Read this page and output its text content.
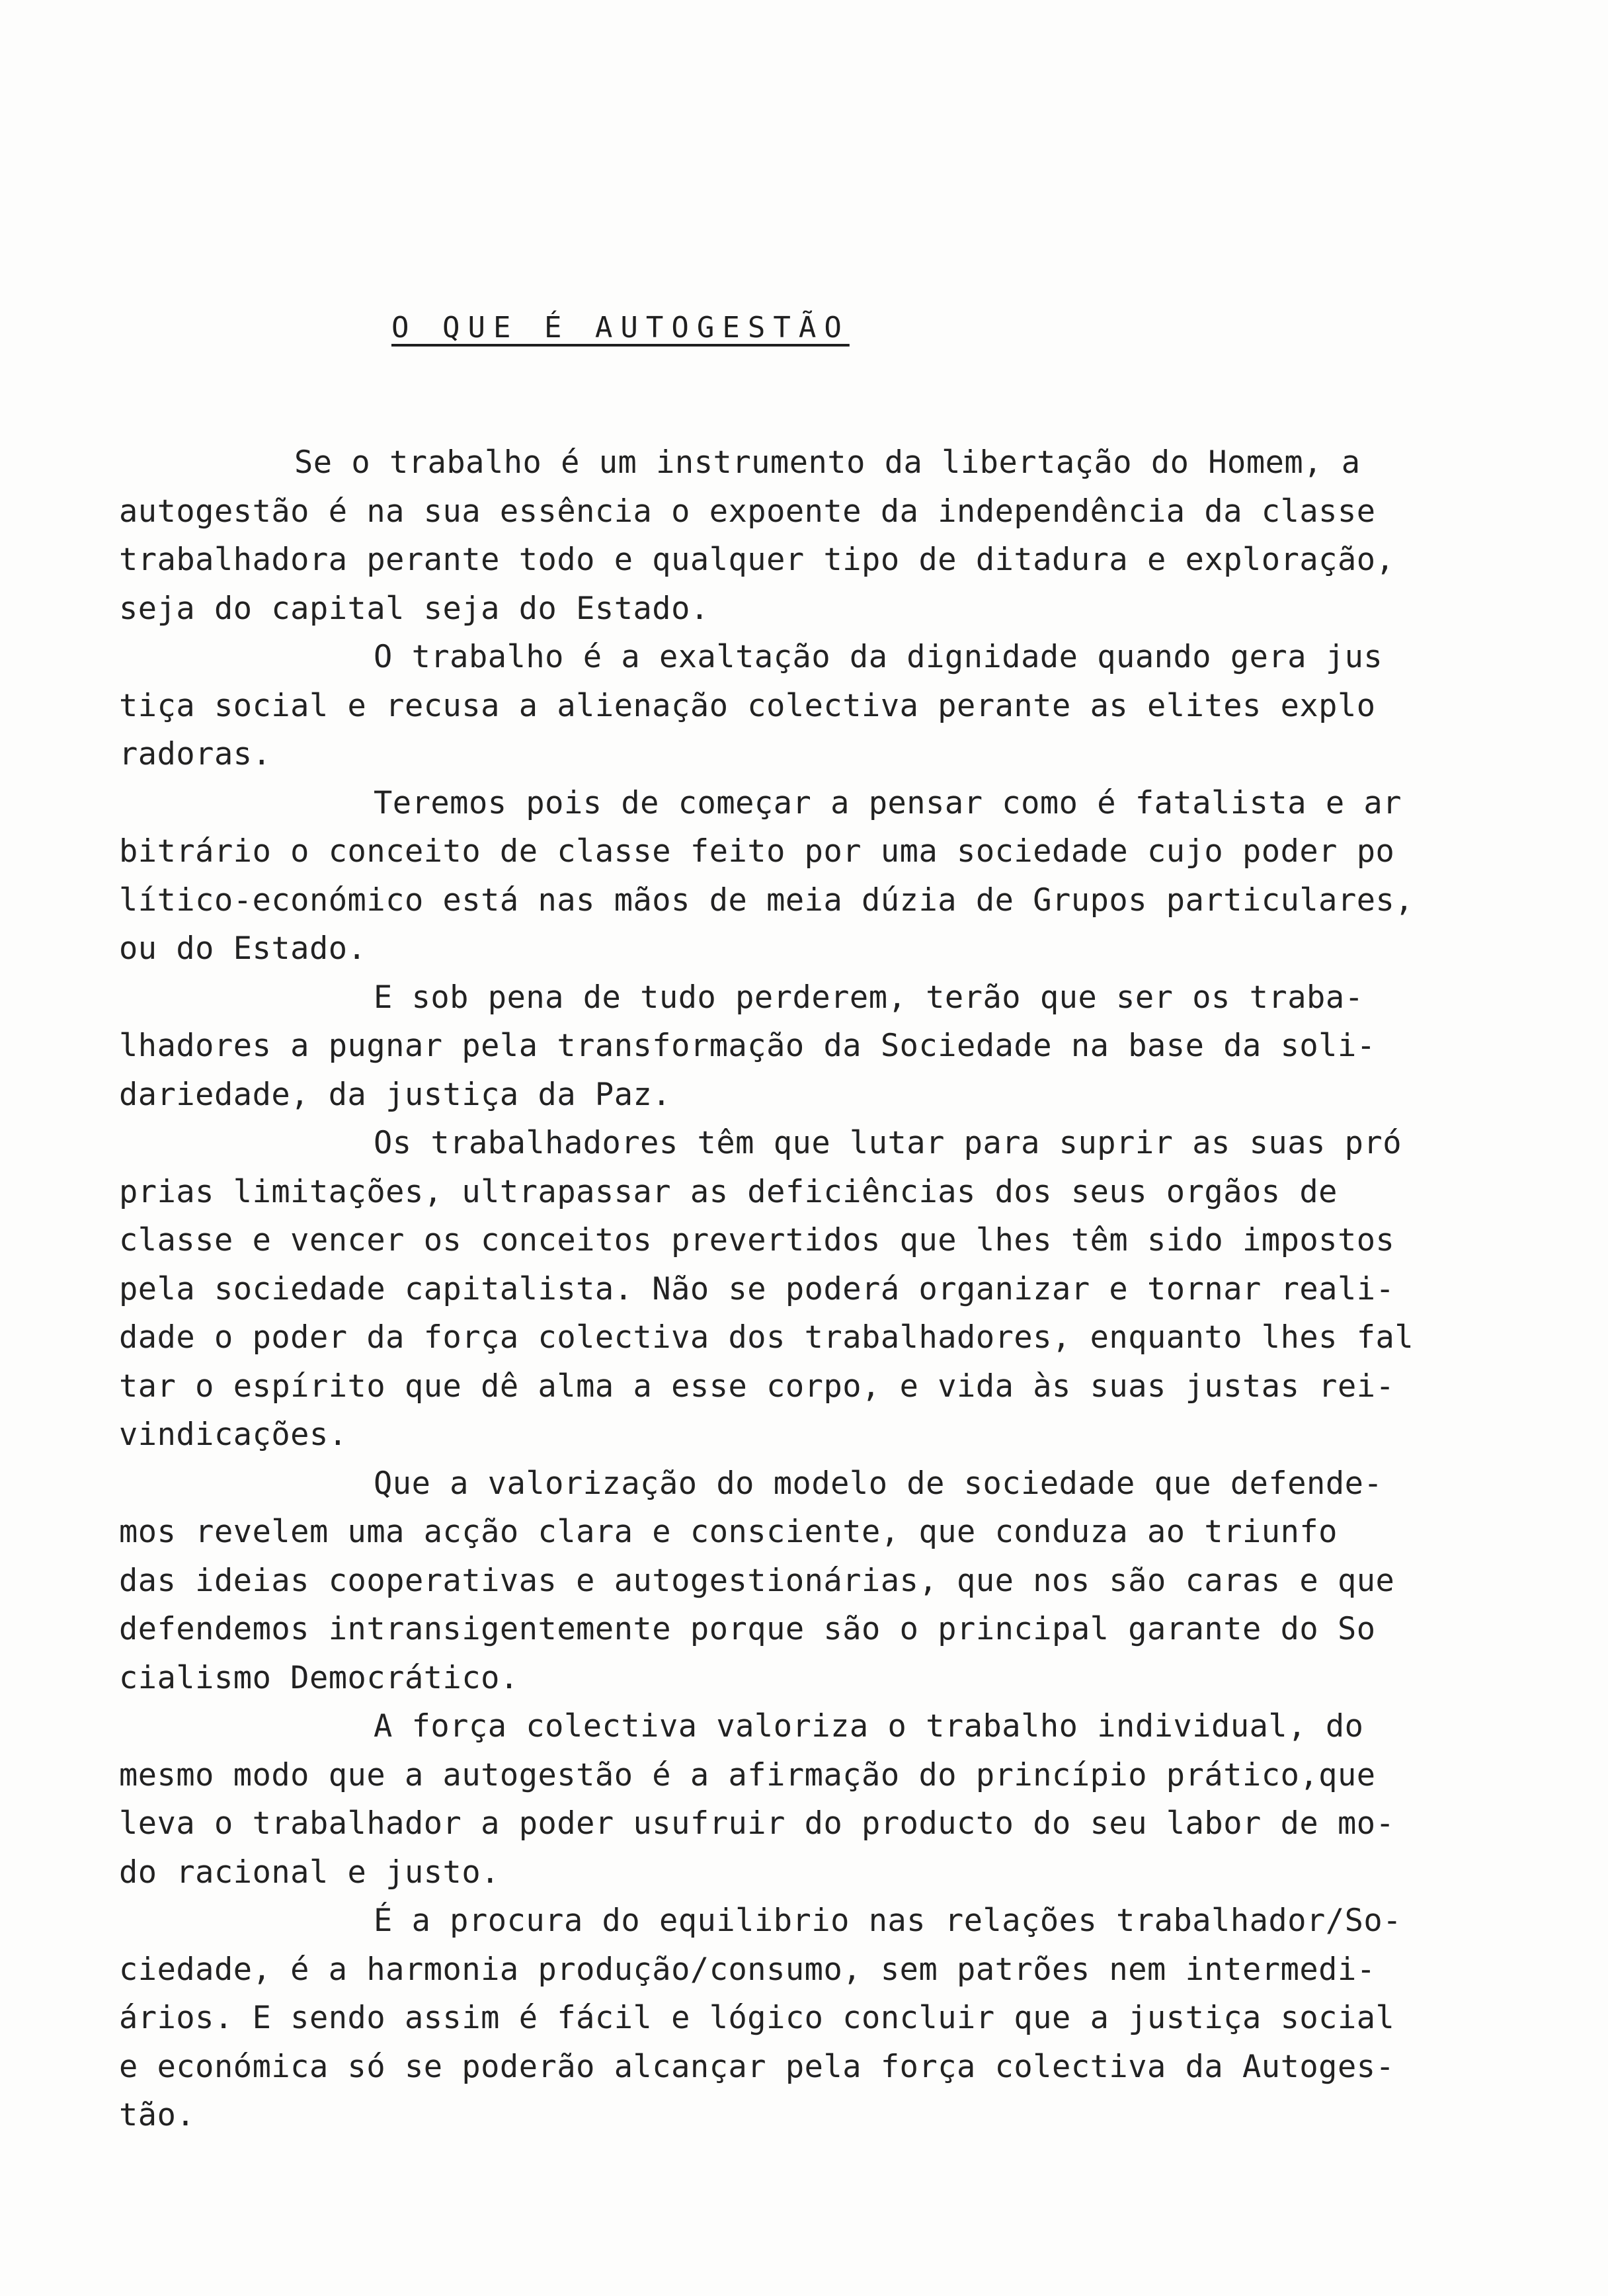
O QUE É AUTOGESTÃO
Se o trabalho é um instrumento da libertação do Homem, a
autogestão é na sua essência o expoente da independência da classe
trabalhadora perante todo e qualquer tipo de ditadura e exploração,
seja do capital seja do Estado.
O trabalho é a exaltação da dignidade quando gera jus
tiça social e recusa a alienação colectiva perante as elites explo
radoras.
Teremos pois de começar a pensar como é fatalista e ar
bitrário o conceito de classe feito por uma sociedade cujo poder po
lítico-económico está nas mãos de meia dúzia de Grupos particulares,
ou do Estado.
E sob pena de tudo perderem, terão que ser os traba-
lhadores a pugnar pela transformação da Sociedade na base da soli-
dariedade, da justiça da Paz.
Os trabalhadores têm que lutar para suprir as suas pró
prias limitações, ultrapassar as deficiências dos seus orgãos de
classe e vencer os conceitos prevertidos que lhes têm sido impostos
pela sociedade capitalista. Não se poderá organizar e tornar reali-
dade o poder da força colectiva dos trabalhadores, enquanto lhes fal
tar o espírito que dê alma a esse corpo, e vida às suas justas rei-
vindicações.
Que a valorização do modelo de sociedade que defende-
mos revelem uma acção clara e consciente, que conduza ao triunfo
das ideias cooperativas e autogestionárias, que nos são caras e que
defendemos intransigentemente porque são o principal garante do So
cialismo Democrático.
A força colectiva valoriza o trabalho individual, do
mesmo modo que a autogestão é a afirmação do princípio prático,que
leva o trabalhador a poder usufruir do producto do seu labor de mo-
do racional e justo.
É a procura do equilibrio nas relações trabalhador/So-
ciedade, é a harmonia produção/consumo, sem patrões nem intermedi-
ários. E sendo assim é fácil e lógico concluir que a justiça social
e económica só se poderão alcançar pela força colectiva da Autoges-
tão.
